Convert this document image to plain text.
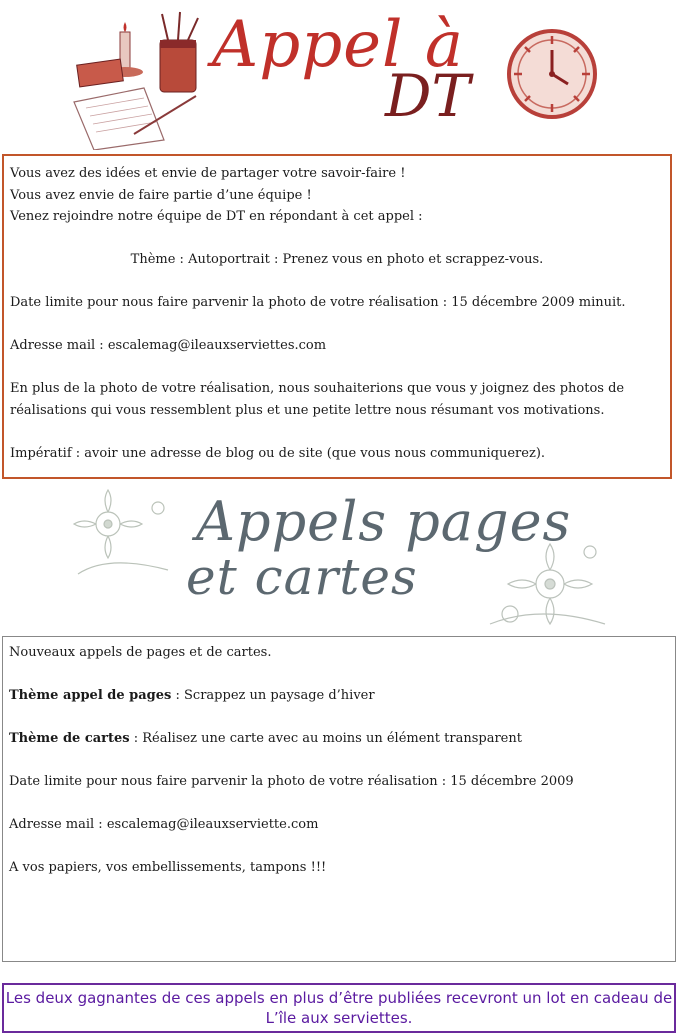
Appel à
DT

Vous avez des idées et envie de partager votre savoir-faire !

Vous avez envie de faire partie d’une équipe !

Venez rejoindre notre équipe de DT en répondant à cet appel :

Thème : Autoportrait : Prenez vous en photo et scrappez-vous.

Date limite pour nous faire parvenir la photo de votre réalisation : 15 décembre 2009 minuit.

Adresse mail : escalemag@ileauxserviettes.com

En plus de la photo de votre réalisation, nous souhaiterions que vous y joignez des photos de réalisations qui vous ressemblent plus et une petite lettre nous résumant vos motivations.

Impératif : avoir une adresse de blog ou de site (que vous nous communiquerez).

Appels pages
et cartes

Nouveaux appels de pages et de cartes.

Thème appel de pages : Scrappez un paysage d’hiver

Thème de cartes : Réalisez une carte avec au moins un élément transparent

Date limite pour nous faire parvenir la photo de votre réalisation : 15 décembre 2009

Adresse mail : escalemag@ileauxserviette.com

A vos papiers, vos embellissements, tampons !!!

Les deux gagnantes de ces appels en plus d’être publiées recevront un lot en cadeau de L’île aux serviettes.
